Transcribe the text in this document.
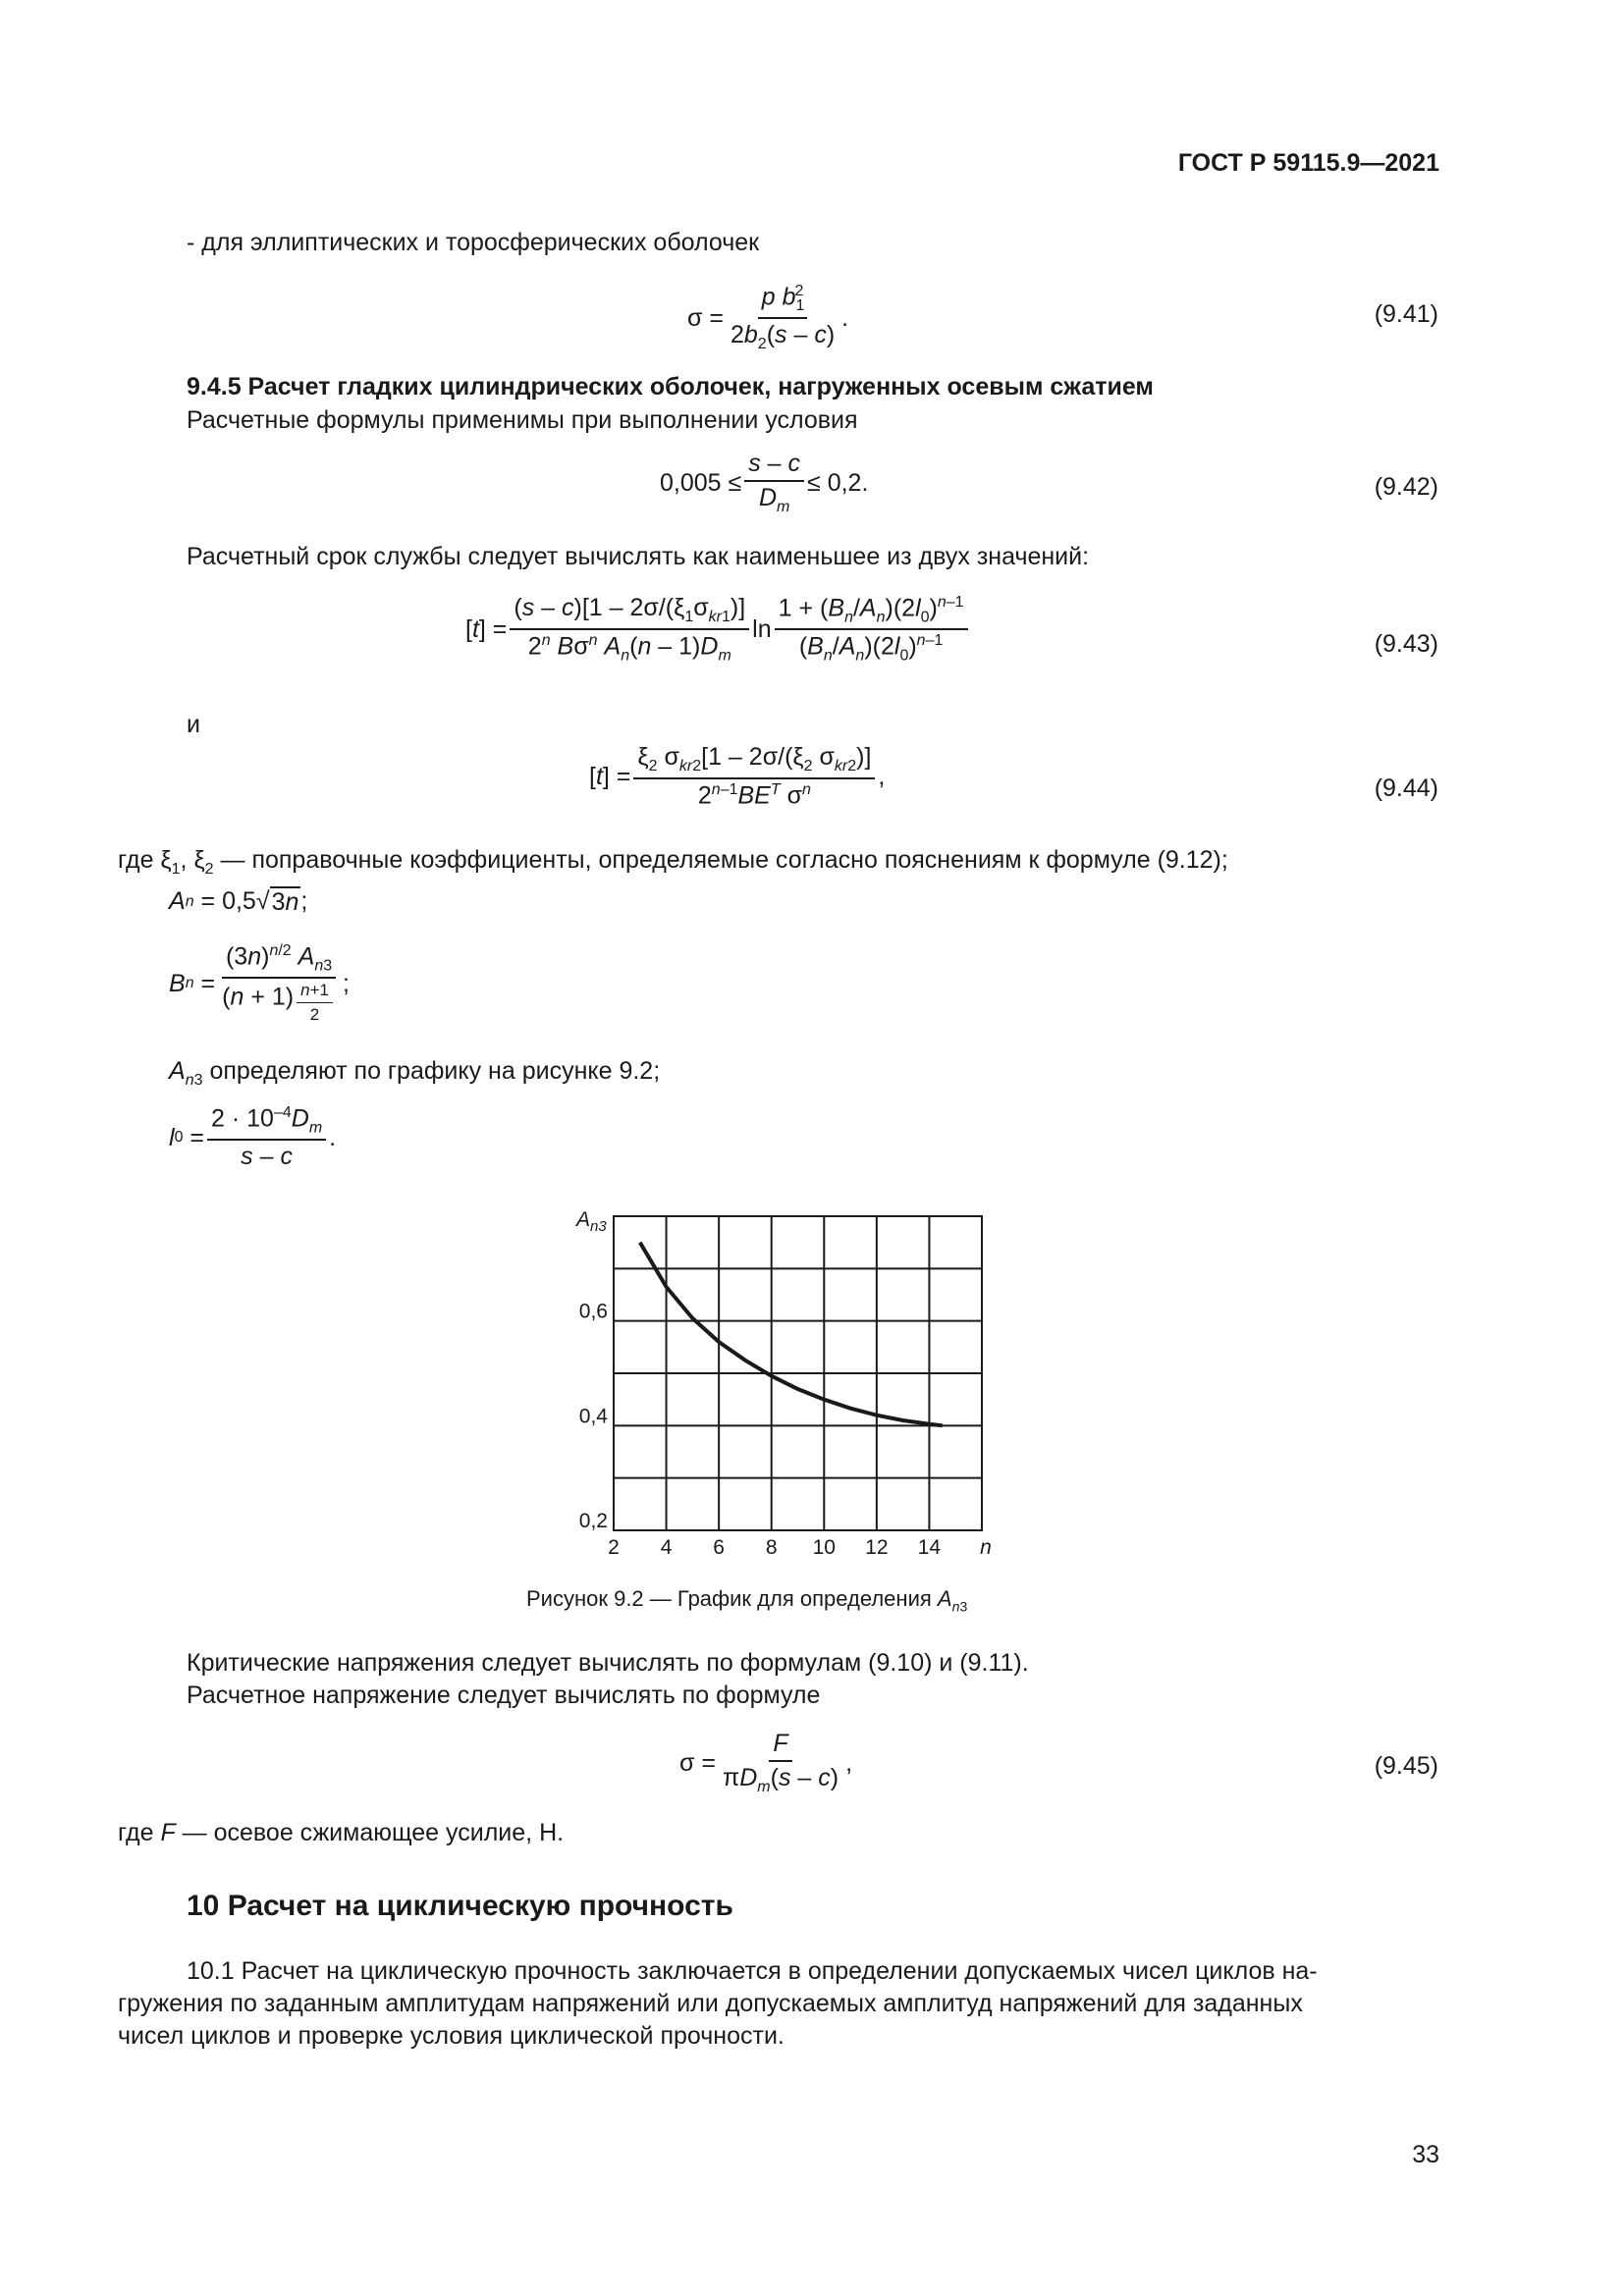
ГОСТ Р 59115.9—2021
- для эллиптических и торосферических оболочек
$\sigma = \frac{p b_1^2}{2b_2(s - c)}$ .	(9.41)
9.4.5 Расчет гладких цилиндрических оболочек, нагруженных осевым сжатием
Расчетные формулы применимы при выполнении условия
$0,005 \le \frac{s - c}{D_m} \le 0,2$.	(9.42)
Расчетный срок службы следует вычислять как наименьшее из двух значений:
$[t] = \frac{(s - c)[1 - 2\sigma/(\xi_1\sigma_{kr1})]}{2^n B\sigma^n A_n(n - 1)D_m}$ $\ln \frac{1 + (B_n/A_n)(2l_0)^{n-1}}{(B_n/A_n)(2l_0)^{n-1}}$	(9.43)
и
$[t] = \frac{\xi_2 \sigma_{kr2}[1 - 2\sigma/(\xi_2 \sigma_{kr2})]}{2^{n-1}BE^T \sigma^n}$ ,	(9.44)
где $\xi_1$, $\xi_2$ — поправочные коэффициенты, определяемые согласно пояснениям к формуле (9.12);
A n = 0,5 √ 3n ;
B $n = \frac{(3n)^{n/2} A_{n3}}{(n + 1) \frac{n+1}{2}}$ ;
$A_{n3}$ определяют по графику на рисунке 9.2;
l $0 = \frac{2 \cdot 10^{-4}D_m}{s - c}$ .
2 4 6 8 10 12 14
0,2
0,4
0,6
$A_{n3}$
n
Рисунок 9.2 — График для определения $A_{n3}$
Критические напряжения следует вычислять по формулам (9.10) и (9.11).
Расчетное напряжение следует вычислять по формуле
$\sigma = \frac{F}{\pi D_m(s - c)}$ ,	(9.45)
где F — осевое сжимающее усилие, Н.
10 Расчет на циклическую прочность
10.1 Расчет на циклическую прочность заключается в определении допускаемых чисел циклов на-
гружения по заданным амплитудам напряжений или допускаемых амплитуд напряжений для заданных
чисел циклов и проверке условия циклической прочности.
33
